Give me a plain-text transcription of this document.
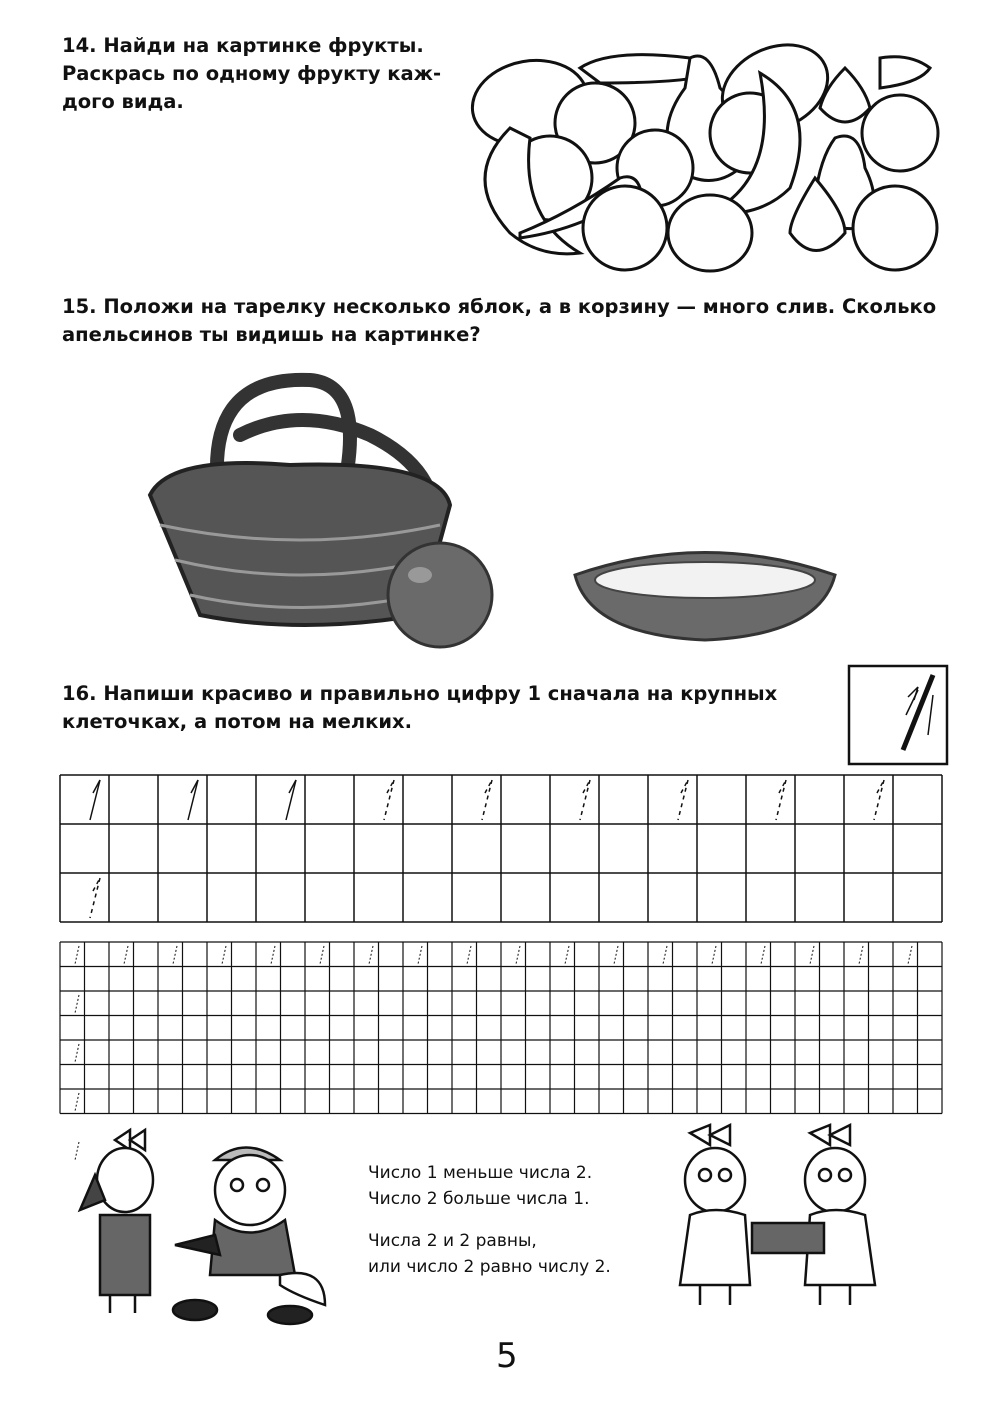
14. Найди на картинке фрукты.
Раскрась по одному фрукту каж-
дого вида.
15. Положи на тарелку несколько яблок, а в корзину — много слив. Сколько
апельсинов ты видишь на картинке?
16. Напиши красиво и правильно цифру 1 сначала на крупных
клеточках, а потом на мелких.
Число 1 меньше числа 2.
Число 2 больше числа 1.
Числа 2 и 2 равны,
или число 2 равно числу 2.
5
